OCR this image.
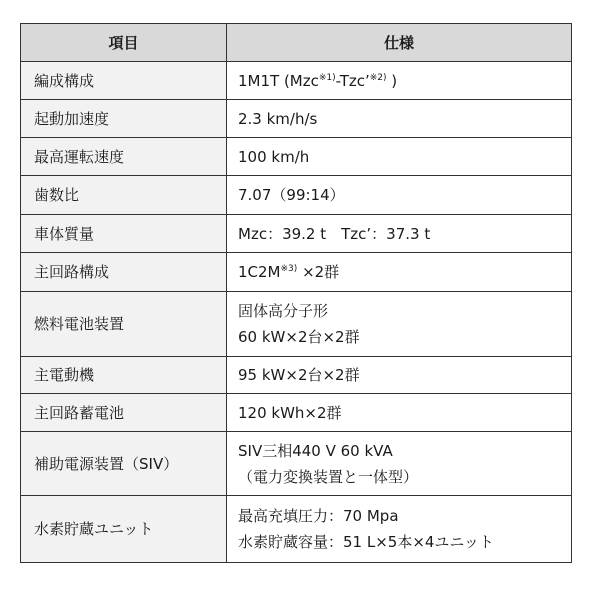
項目	仕様
編成構成	1M1T (Mzc$^{※1)}$-Tzc’$^{※2)}$ )
起動加速度	2.3 km/h/s
最高運転速度	100 km/h
歯数比	7.07（99:14）
車体質量	Mzc：39.2 t　Tzc’：37.3 t
主回路構成	$1C2M^{※3)} \times 2$群
燃料電池装置	固体高分子形
60 kW×2台×2群

主電動機	95 kW×2台×2群
主回路蓄電池	120 kWh×2群
補助電源装置（SIV）	SIV三相440 V 60 kVA
（電力変換装置と一体型）

水素貯蔵ユニット	最高充填圧力：70 Mpa
水素貯蔵容量：51 L×5本×4ユニット
